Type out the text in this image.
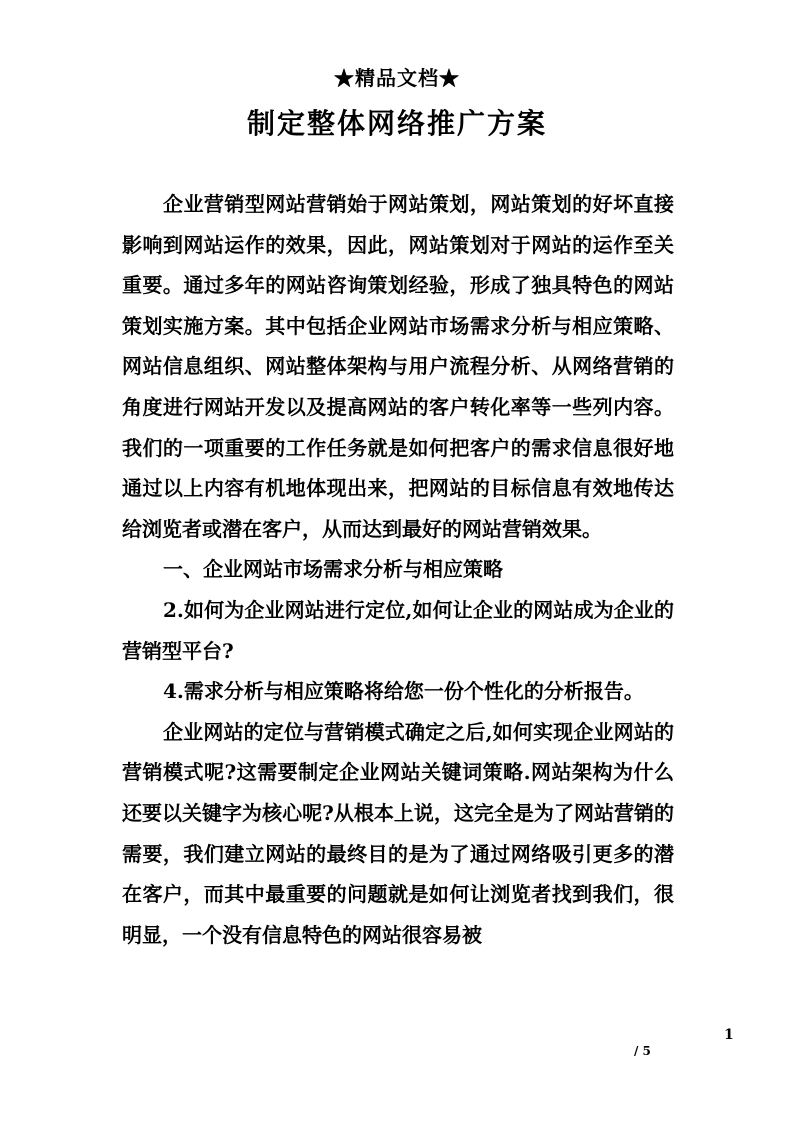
★精品文档★
制定整体网络推广方案

企业营销型网站营销始于网站策划，网站策划的好坏直接影响到网站运作的效果，因此，网站策划对于网站的运作至关重要。通过多年的网站咨询策划经验，形成了独具特色的网站策划实施方案。其中包括企业网站市场需求分析与相应策略、网站信息组织、网站整体架构与用户流程分析、从网络营销的角度进行网站开发以及提高网站的客户转化率等一些列内容。我们的一项重要的工作任务就是如何把客户的需求信息很好地通过以上内容有机地体现出来，把网站的目标信息有效地传达给浏览者或潜在客户，从而达到最好的网站营销效果。

一、企业网站市场需求分析与相应策略

2.如何为企业网站进行定位,如何让企业的网站成为企业的营销型平台?

4.需求分析与相应策略将给您一份个性化的分析报告。

企业网站的定位与营销模式确定之后,如何实现企业网站的营销模式呢?这需要制定企业网站关键词策略.网站架构为什么还要以关键字为核心呢?从根本上说，这完全是为了网站营销的需要，我们建立网站的最终目的是为了通过网络吸引更多的潜在客户，而其中最重要的问题就是如何让浏览者找到我们，很明显，一个没有信息特色的网站很容易被

1
/ 5
